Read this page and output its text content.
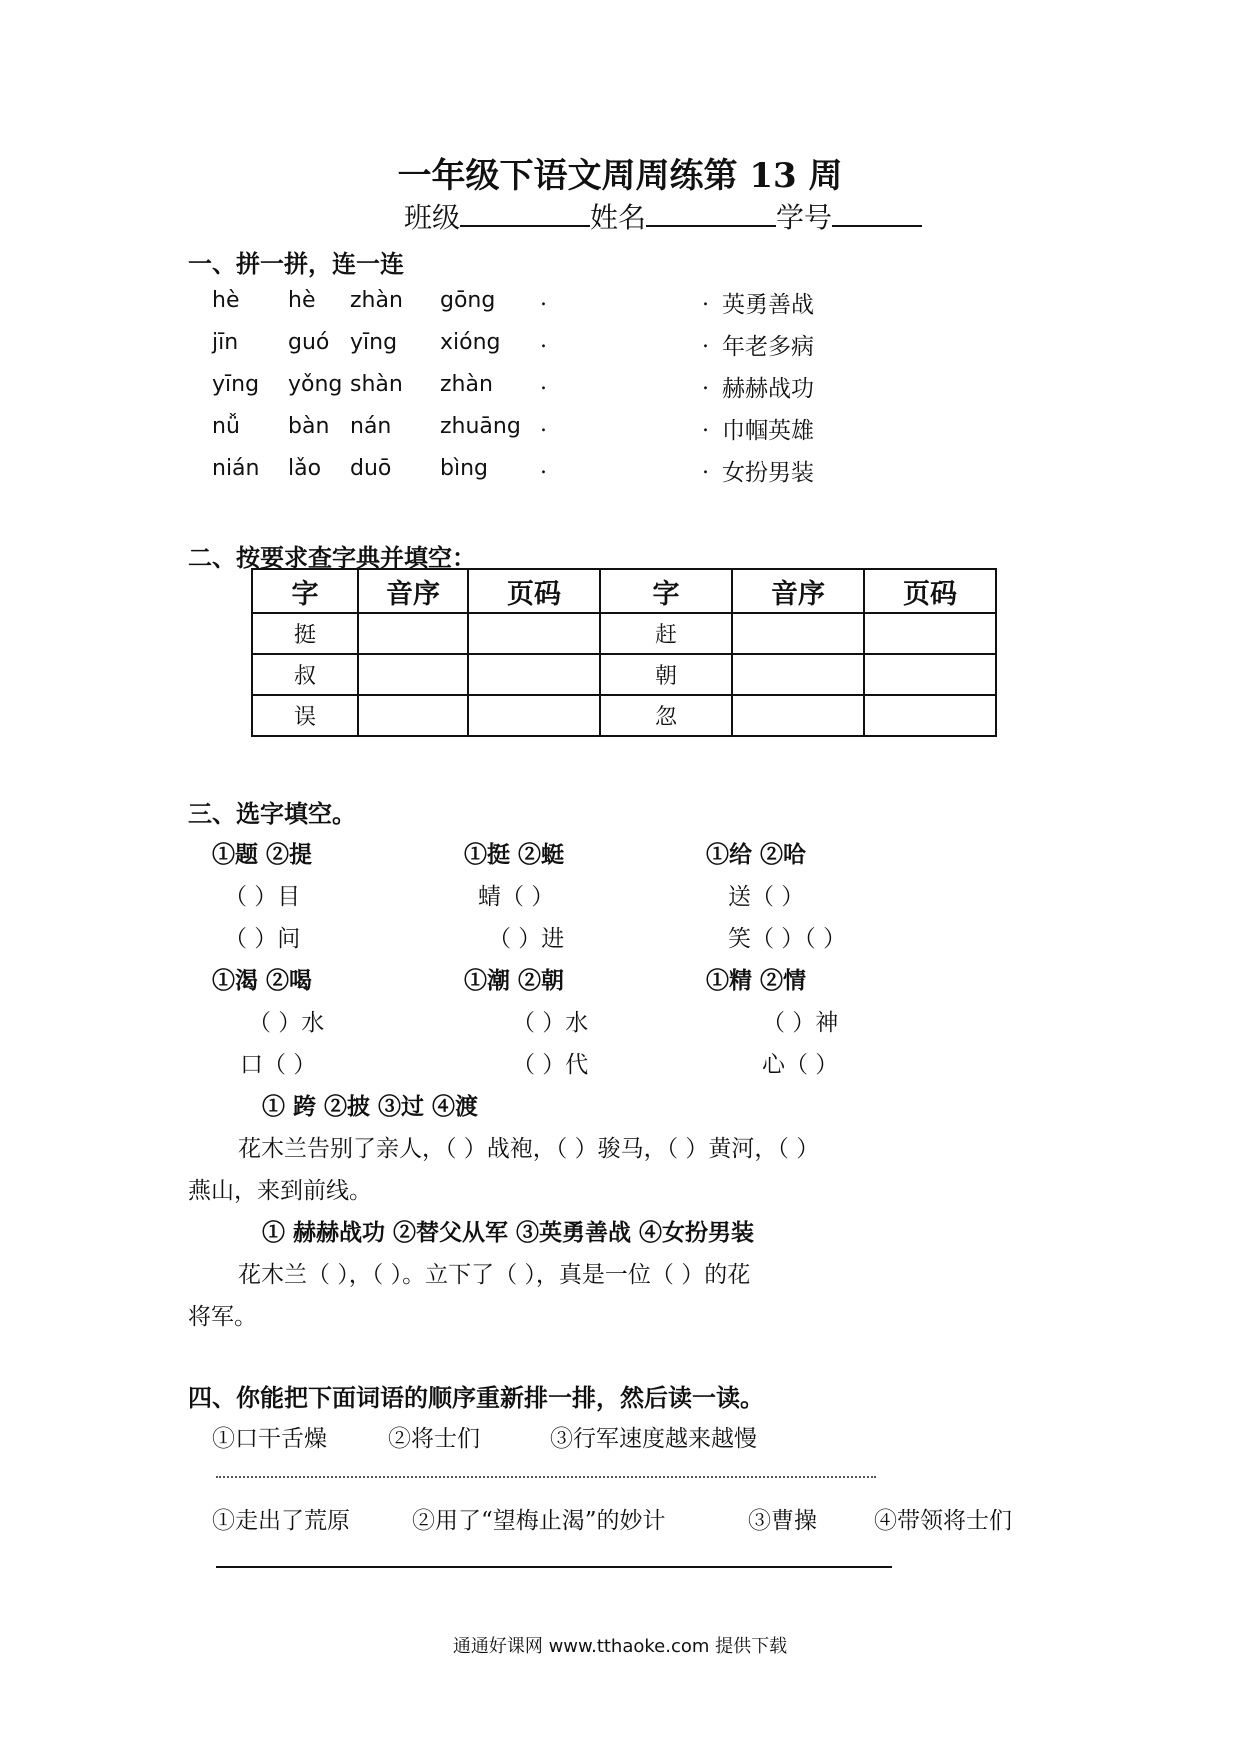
一年级下语文周周练第 13 周
班级	姓名	学号
一、拼一拼，连一连
hè hè zhàn gōng .	. 英勇善战
jīn guó yīng xióng .	. 年老多病
yīng yǒng shàn zhàn .	. 赫赫战功
nǚ bàn nán zhuāng .	. 巾帼英雄
nián lǎo duō bìng .	. 女扮男装
二、按要求查字典并填空：
字	音序	页码	字	音序	页码
挺			赶		
叔			朝		
误			忽		
三、选字填空。
①题 ②提	①挺 ②蜓	①给 ②哈
（ ）目	蜻（ ）	送（ ）
（ ）问	（ ）进	笑（ ）（ ）
①渴 ②喝	①潮 ②朝	①精 ②情
（ ）水	（ ）水	（ ）神
口（ ）	（ ）代	心（ ）
① 跨 ②披 ③过 ④渡
花木兰告别了亲人，（ ）战袍，（ ）骏马，（ ）黄河，（ ）
燕山，来到前线。
① 赫赫战功 ②替父从军 ③英勇善战 ④女扮男装
花木兰（ ），（ ）。立下了（ ），真是一位（ ）的花
将军。
四、你能把下面词语的顺序重新排一排，然后读一读。
①口干舌燥	②将士们	③行军速度越来越慢
①走出了荒原	②用了“望梅止渴”的妙计	③曹操 ④带领将士们
通通好课网 www.tthaoke.com 提供下载
